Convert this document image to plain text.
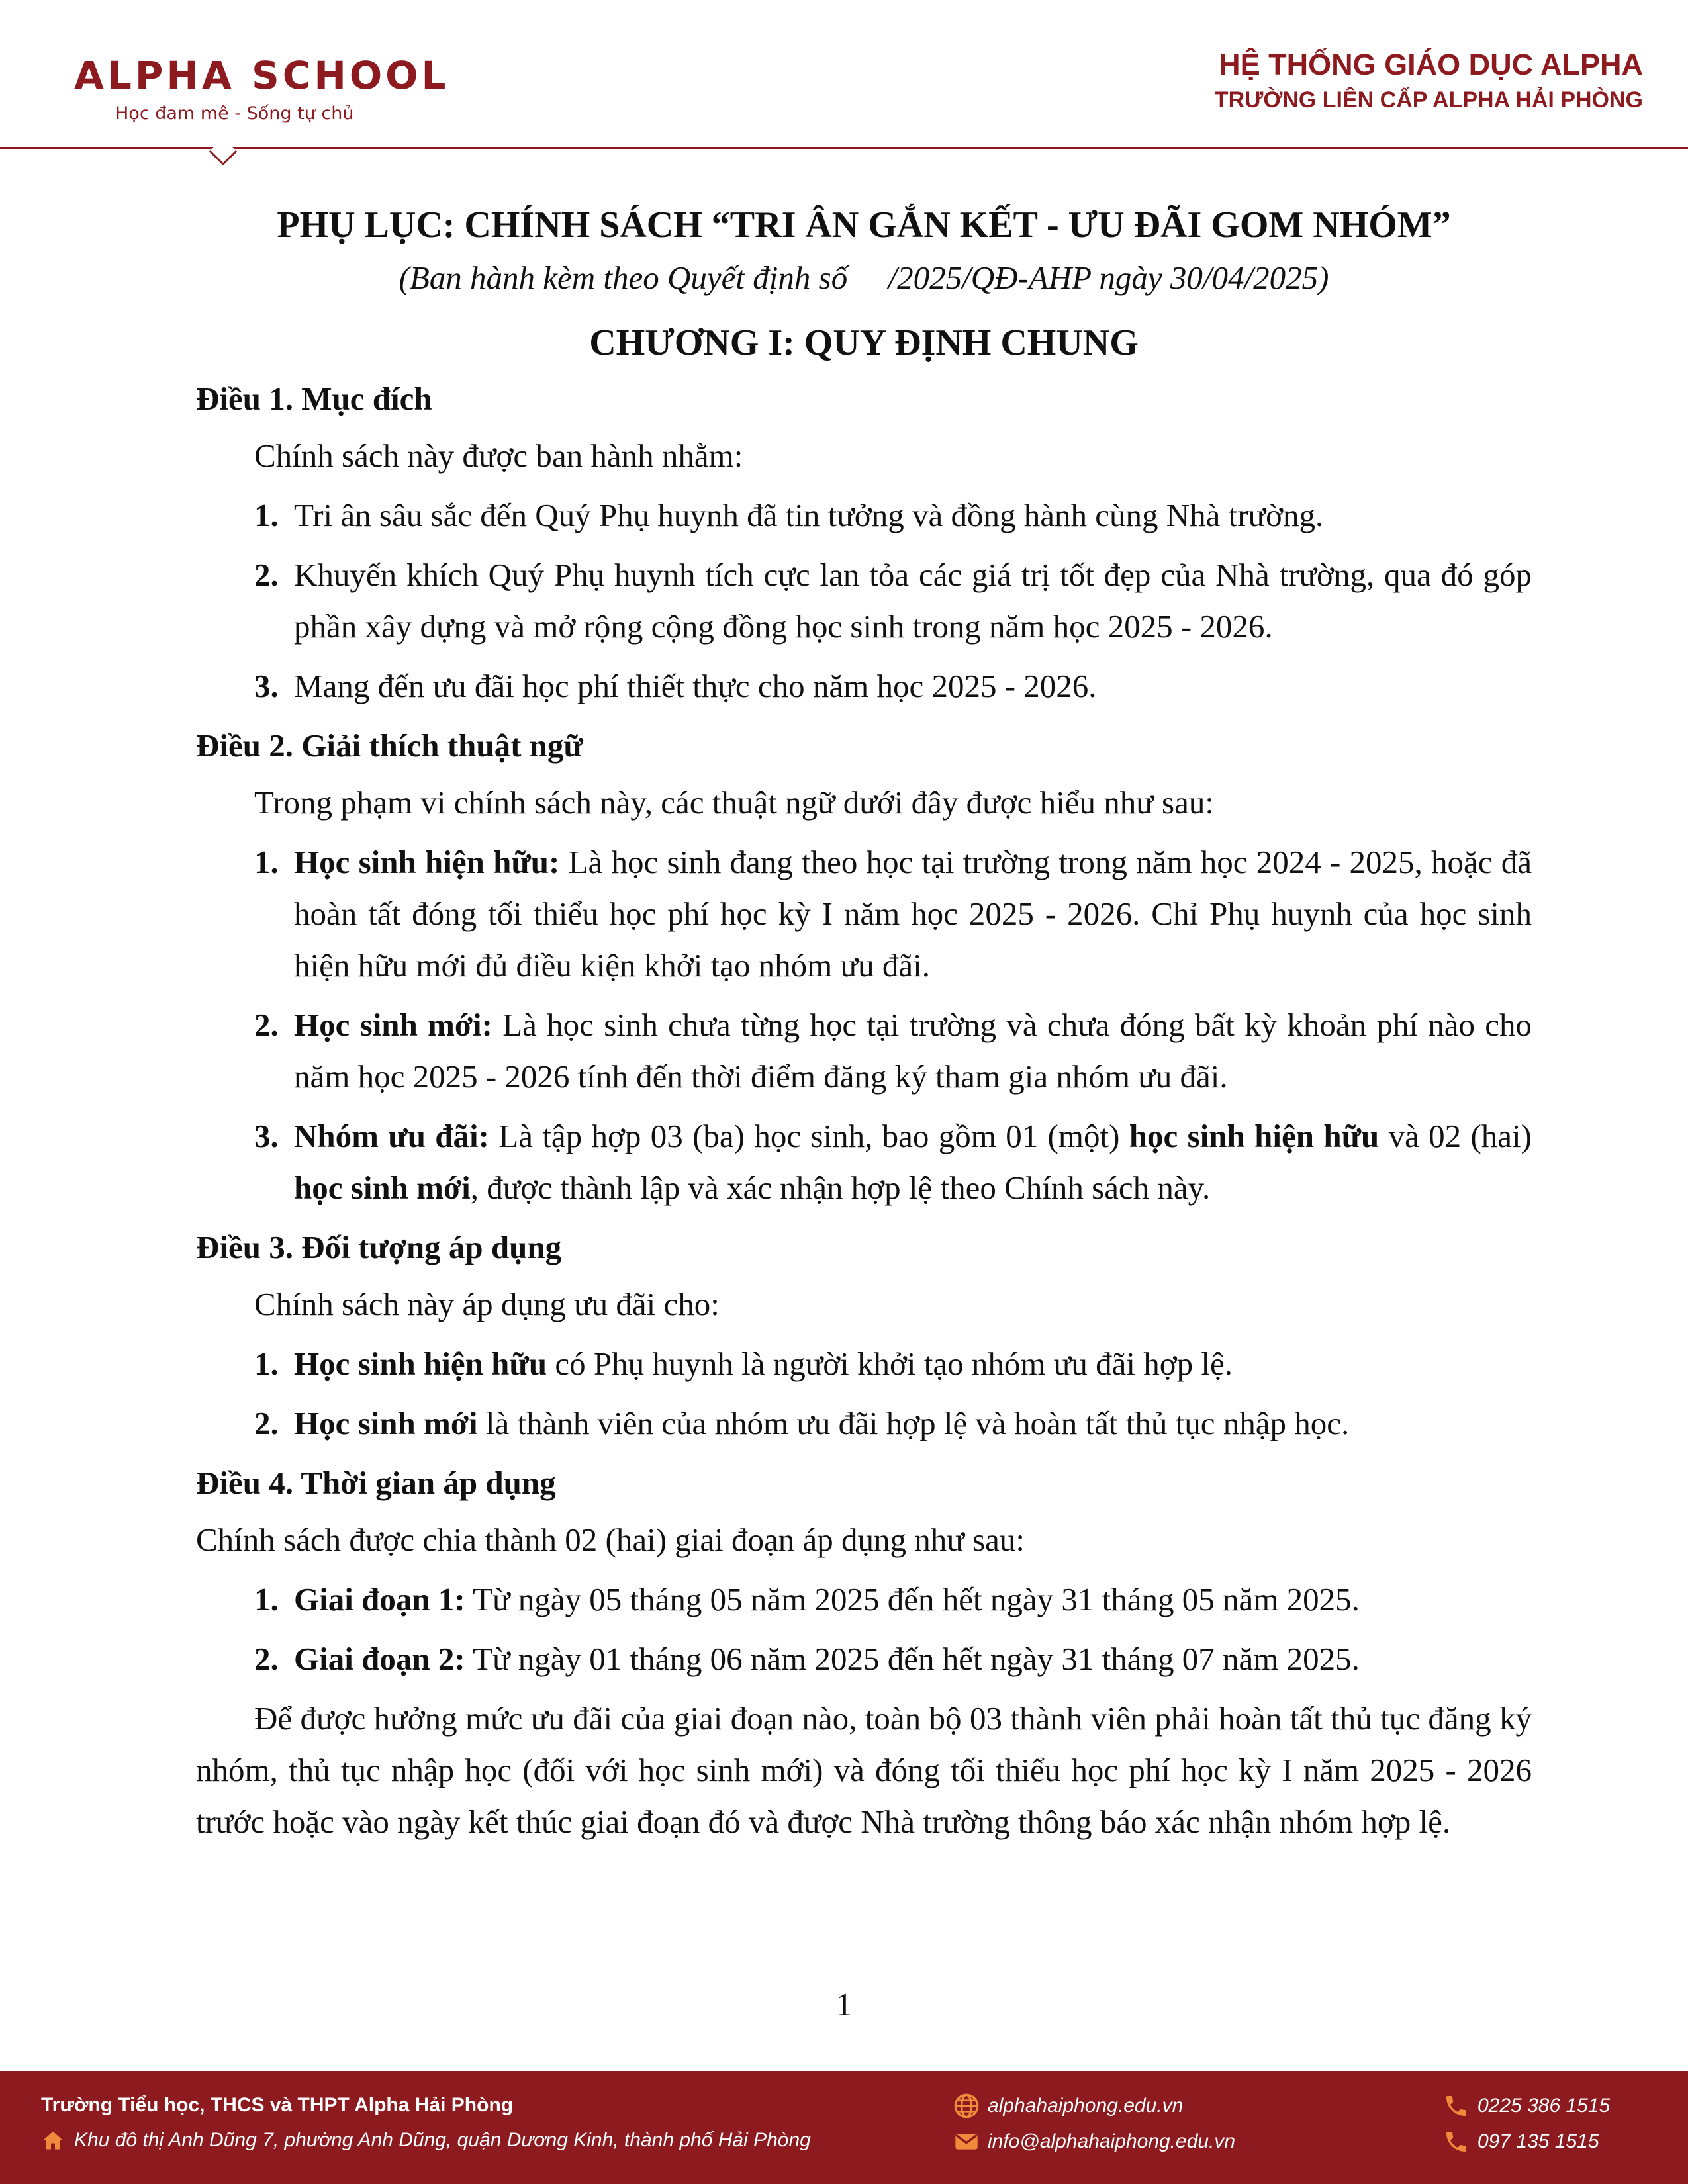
ALPHA SCHOOL
Học đam mê - Sống tự chủ
HỆ THỐNG GIÁO DỤC ALPHA
TRƯỜNG LIÊN CẤP ALPHA HẢI PHÒNG
PHỤ LỤC: CHÍNH SÁCH “TRI ÂN GẮN KẾT - ƯU ĐÃI GOM NHÓM”
(Ban hành kèm theo Quyết định số     /2025/QĐ-AHP ngày 30/04/2025)
CHƯƠNG I: QUY ĐỊNH CHUNG
Điều 1. Mục đích
Chính sách này được ban hành nhằm:
1. Tri ân sâu sắc đến Quý Phụ huynh đã tin tưởng và đồng hành cùng Nhà trường.
2. Khuyến khích Quý Phụ huynh tích cực lan tỏa các giá trị tốt đẹp của Nhà trường, qua đó góp phần xây dựng và mở rộng cộng đồng học sinh trong năm học 2025 - 2026.
3. Mang đến ưu đãi học phí thiết thực cho năm học 2025 - 2026.
Điều 2. Giải thích thuật ngữ
Trong phạm vi chính sách này, các thuật ngữ dưới đây được hiểu như sau:
1. Học sinh hiện hữu: Là học sinh đang theo học tại trường trong năm học 2024 - 2025, hoặc đã hoàn tất đóng tối thiểu học phí học kỳ I năm học 2025 - 2026. Chỉ Phụ huynh của học sinh hiện hữu mới đủ điều kiện khởi tạo nhóm ưu đãi.
2. Học sinh mới: Là học sinh chưa từng học tại trường và chưa đóng bất kỳ khoản phí nào cho năm học 2025 - 2026 tính đến thời điểm đăng ký tham gia nhóm ưu đãi.
3. Nhóm ưu đãi: Là tập hợp 03 (ba) học sinh, bao gồm 01 (một) học sinh hiện hữu và 02 (hai) học sinh mới, được thành lập và xác nhận hợp lệ theo Chính sách này.
Điều 3. Đối tượng áp dụng
Chính sách này áp dụng ưu đãi cho:
1. Học sinh hiện hữu có Phụ huynh là người khởi tạo nhóm ưu đãi hợp lệ.
2. Học sinh mới là thành viên của nhóm ưu đãi hợp lệ và hoàn tất thủ tục nhập học.
Điều 4. Thời gian áp dụng
Chính sách được chia thành 02 (hai) giai đoạn áp dụng như sau:
1. Giai đoạn 1: Từ ngày 05 tháng 05 năm 2025 đến hết ngày 31 tháng 05 năm 2025.
2. Giai đoạn 2: Từ ngày 01 tháng 06 năm 2025 đến hết ngày 31 tháng 07 năm 2025.
Để được hưởng mức ưu đãi của giai đoạn nào, toàn bộ 03 thành viên phải hoàn tất thủ tục đăng ký nhóm, thủ tục nhập học (đối với học sinh mới) và đóng tối thiểu học phí học kỳ I năm 2025 - 2026 trước hoặc vào ngày kết thúc giai đoạn đó và được Nhà trường thông báo xác nhận nhóm hợp lệ.
1
Trường Tiểu học, THCS và THPT Alpha Hải Phòng
Khu đô thị Anh Dũng 7, phường Anh Dũng, quận Dương Kinh, thành phố Hải Phòng
alphahaiphong.edu.vn
info@alphahaiphong.edu.vn
0225 386 1515
097 135 1515
